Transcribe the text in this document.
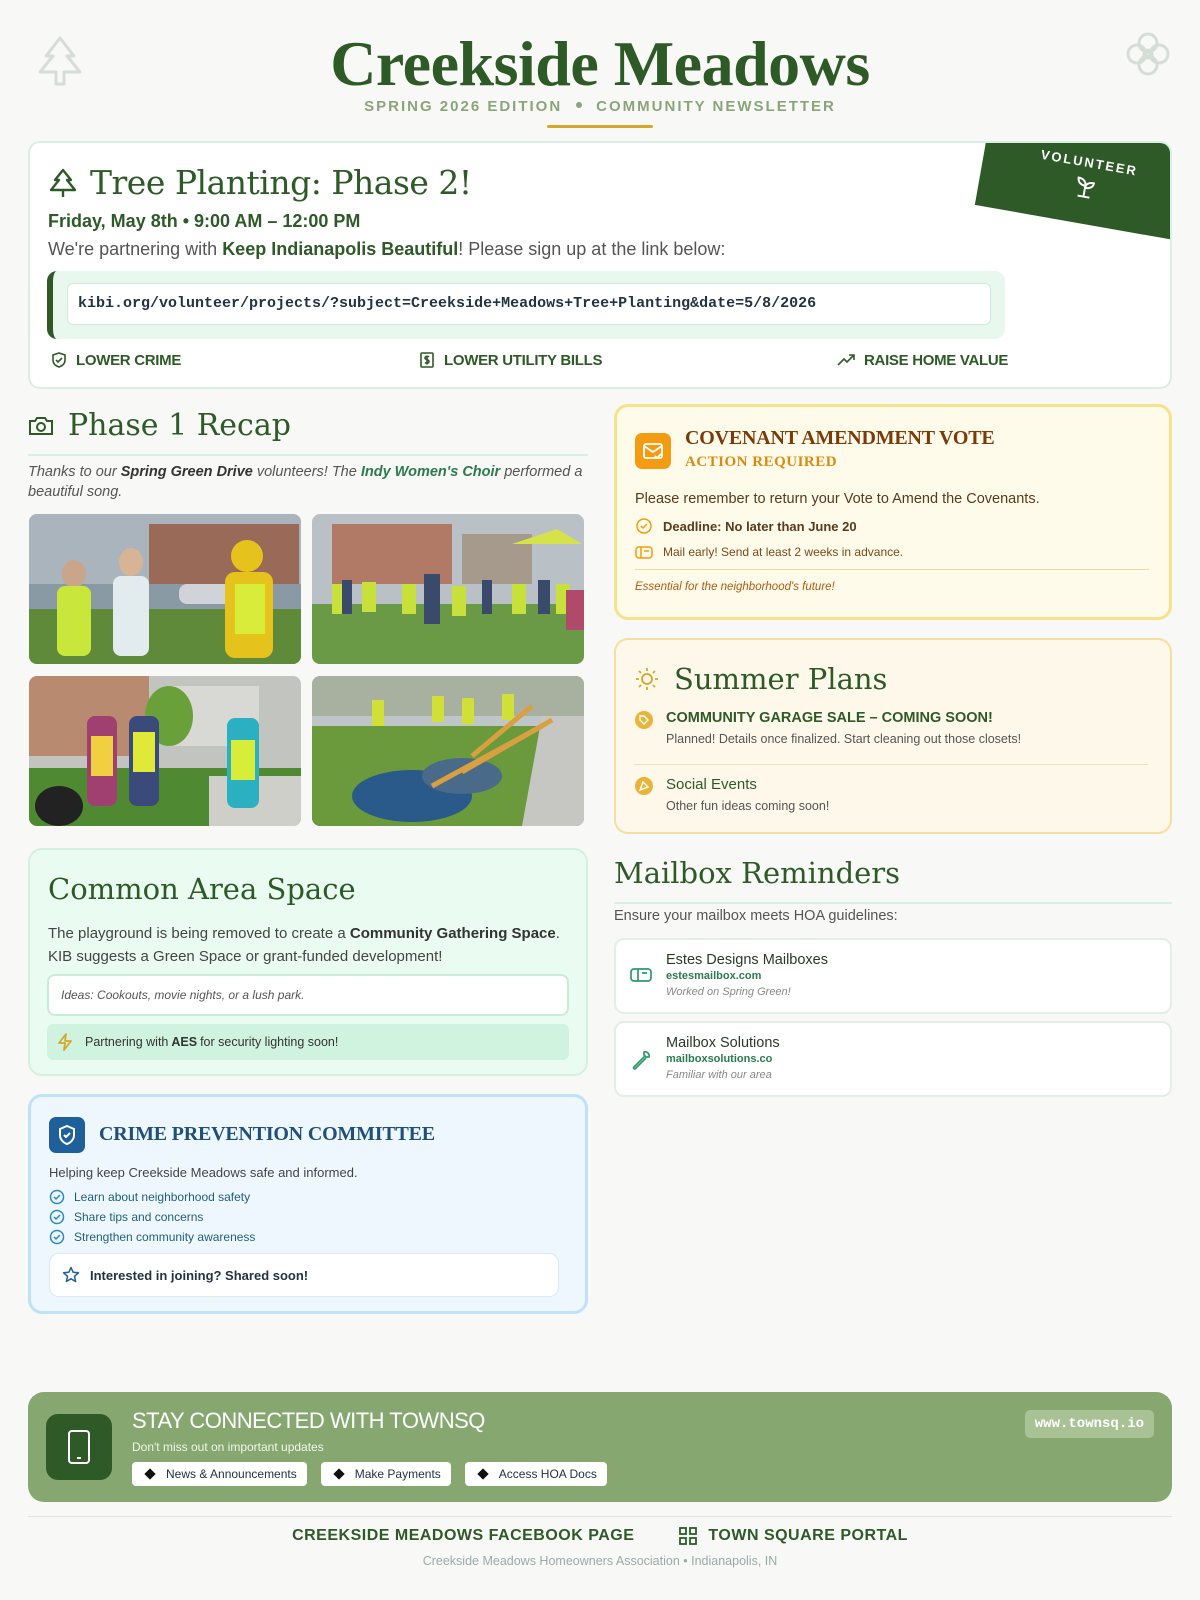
Creekside Meadows
SPRING 2026 EDITION COMMUNITY NEWSLETTER
VOLUNTEER
Tree Planting: Phase 2!
Friday, May 8th • 9:00 AM – 12:00 PM
We're partnering with Keep Indianapolis Beautiful! Please sign up at the link below:
kibi.org/volunteer/projects/?subject=Creekside+Meadows+Tree+Planting&date=5/8/2026
LOWER CRIME	LOWER UTILITY BILLS	RAISE HOME VALUE
Phase 1 Recap
Thanks to our Spring Green Drive volunteers! The Indy Women's Choir performed a beautiful song.
Common Area Space

The playground is being removed to create a Community Gathering Space.
KIB suggests a Green Space or grant-funded development!

Ideas: Cookouts, movie nights, or a lush park.
Partnering with AES for security lighting soon!
CRIME PREVENTION COMMITTEE
Helping keep Creekside Meadows safe and informed.
Learn about neighborhood safety
Share tips and concerns
Strengthen community awareness
Interested in joining? Shared soon!
COVENANT AMENDMENT VOTE
ACTION REQUIRED
Please remember to return your Vote to Amend the Covenants.
Deadline: No later than June 20
Mail early! Send at least 2 weeks in advance.
Essential for the neighborhood's future!
Summer Plans
COMMUNITY GARAGE SALE – COMING SOON!
Planned! Details once finalized. Start cleaning out those closets!
Social Events
Other fun ideas coming soon!
Mailbox Reminders
Ensure your mailbox meets HOA guidelines:
Estes Designs Mailboxes
estesmailbox.com
Worked on Spring Green!
Mailbox Solutions
mailboxsolutions.co
Familiar with our area
STAY CONNECTED WITH TOWNSQ
Don't miss out on important updates
News & Announcements	Make Payments	Access HOA Docs
www.townsq.io
CREEKSIDE MEADOWS FACEBOOK PAGE	TOWN SQUARE PORTAL
Creekside Meadows Homeowners Association • Indianapolis, IN
